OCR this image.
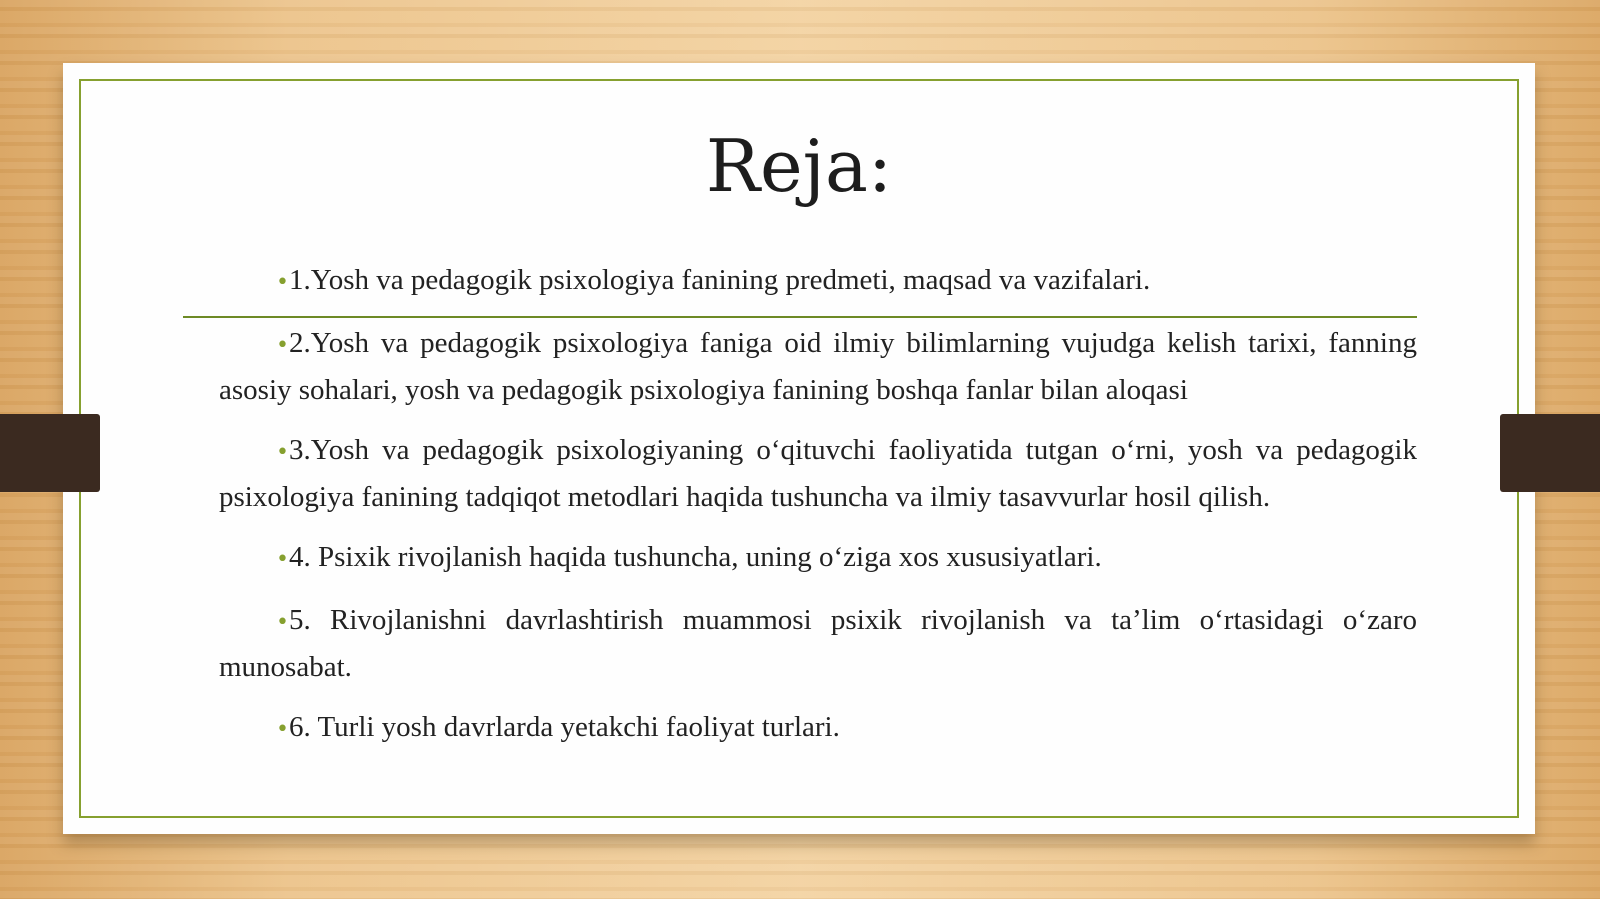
Reja:

•1.Yosh va pedagogik psixologiya fanining predmeti, maqsad va vazifalari.

•2.Yosh va pedagogik psixologiya faniga oid ilmiy bilimlarning vujudga kelish tarixi, fanning asosiy sohalari, yosh va pedagogik psixologiya fanining boshqa fanlar bilan aloqasi

•3.Yosh va pedagogik psixologiyaning o‘qituvchi faoliyatida tutgan o‘rni, yosh va pedagogik psixologiya fanining tadqiqot metodlari haqida tushuncha va ilmiy tasavvurlar hosil qilish.

•4. Psixik rivojlanish haqida tushuncha, uning o‘ziga xos xususiyatlari.

•5. Rivojlanishni davrlashtirish muammosi psixik rivojlanish va ta’lim o‘rtasidagi o‘zaro munosabat.

•6. Turli yosh davrlarda yetakchi faoliyat turlari.
